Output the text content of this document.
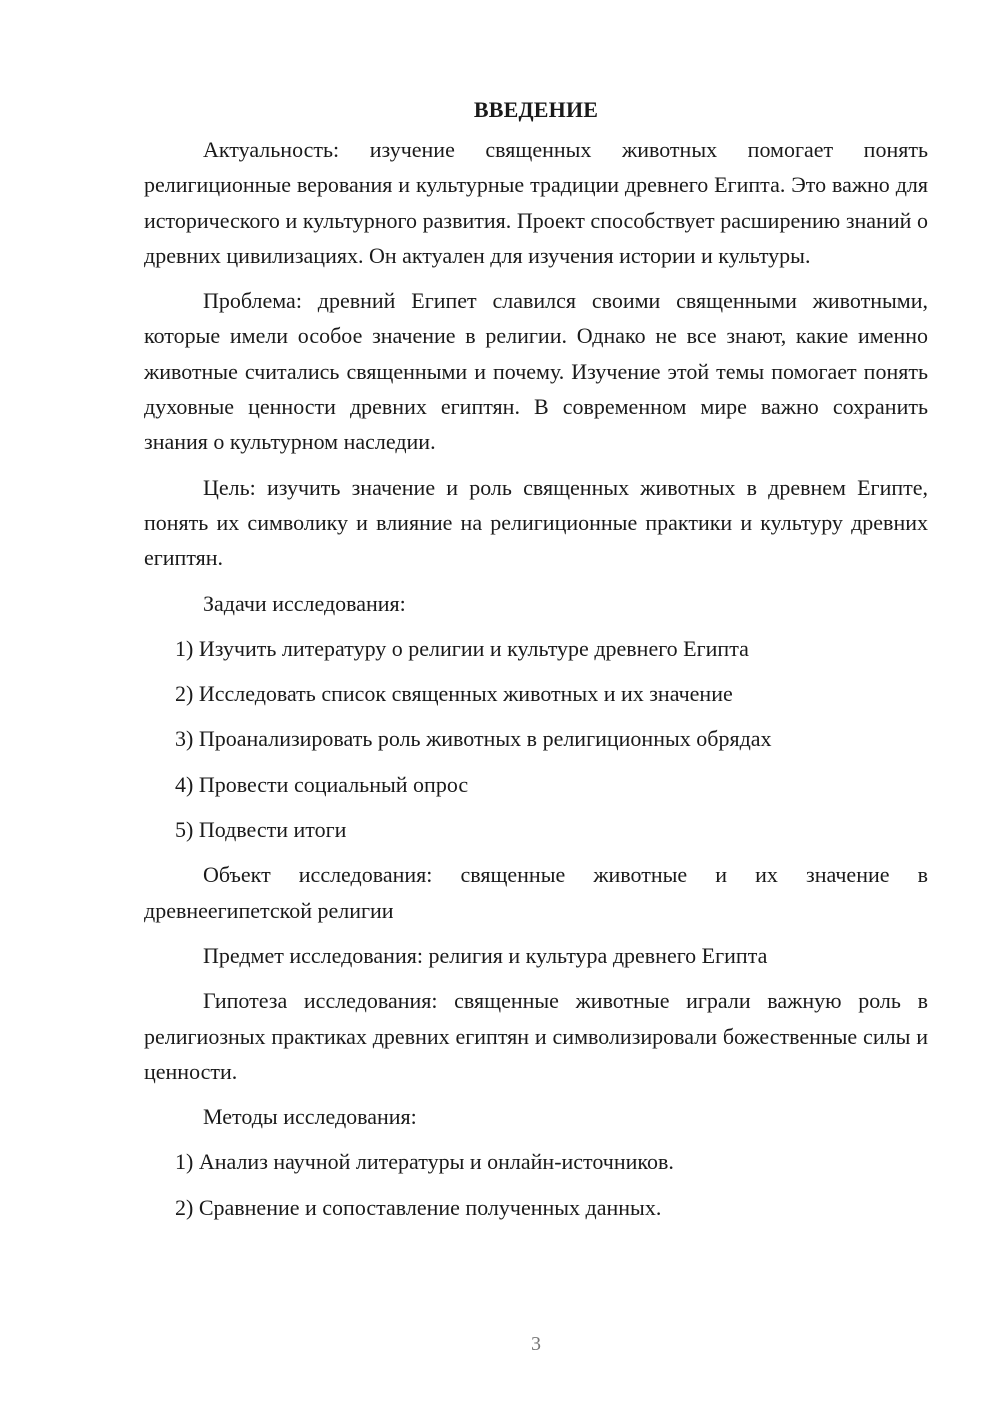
ВВЕДЕНИЕ

Актуальность: изучение священных животных помогает понять религиционные верования и культурные традиции древнего Египта. Это важно для исторического и культурного развития. Проект способствует расширению знаний о древних цивилизациях. Он актуален для изучения истории и культуры.

Проблема: древний Египет славился своими священными животными, которые имели особое значение в религии. Однако не все знают, какие именно животные считались священными и почему. Изучение этой темы помогает понять духовные ценности древних египтян. В современном мире важно сохранить знания о культурном наследии.

Цель: изучить значение и роль священных животных в древнем Египте, понять их символику и влияние на религиционные практики и культуру древних египтян.

Задачи исследования:

1) Изучить литературу о религии и культуре древнего Египта
2) Исследовать список священных животных и их значение
3) Проанализировать роль животных в религиционных обрядах
4) Провести социальный опрос
5) Подвести итоги

Объект исследования: священные животные и их значение в древнеегипетской религии

Предмет исследования: религия и культура древнего Египта

Гипотеза исследования: священные животные играли важную роль в религиозных практиках древних египтян и символизировали божественные силы и ценности.

Методы исследования:

1) Анализ научной литературы и онлайн-источников.
2) Сравнение и сопоставление полученных данных.
3
